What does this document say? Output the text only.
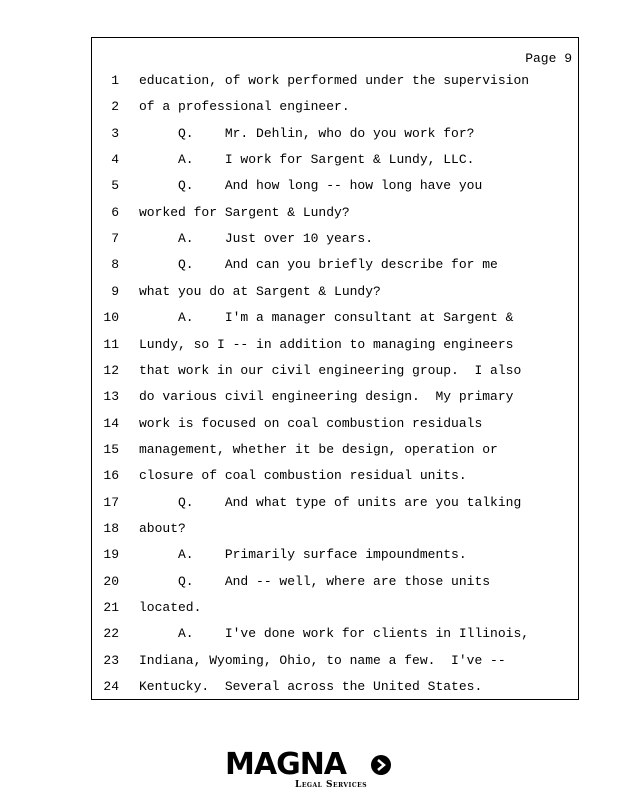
Page 9
1 education, of work performed under the supervision
2 of a professional engineer.
3 Q.    Mr. Dehlin, who do you work for?
4 A.    I work for Sargent & Lundy, LLC.
5 Q.    And how long -- how long have you
6 worked for Sargent & Lundy?
7 A.    Just over 10 years.
8 Q.    And can you briefly describe for me
9 what you do at Sargent & Lundy?
10 A.    I'm a manager consultant at Sargent &
11 Lundy, so I -- in addition to managing engineers
12 that work in our civil engineering group.  I also
13 do various civil engineering design.  My primary
14 work is focused on coal combustion residuals
15 management, whether it be design, operation or
16 closure of coal combustion residual units.
17 Q.    And what type of units are you talking
18 about?
19 A.    Primarily surface impoundments.
20 Q.    And -- well, where are those units
21 located.
22 A.    I've done work for clients in Illinois,
23 Indiana, Wyoming, Ohio, to name a few.  I've --
24 Kentucky.  Several across the United States.
MAGNA
Legal Services
